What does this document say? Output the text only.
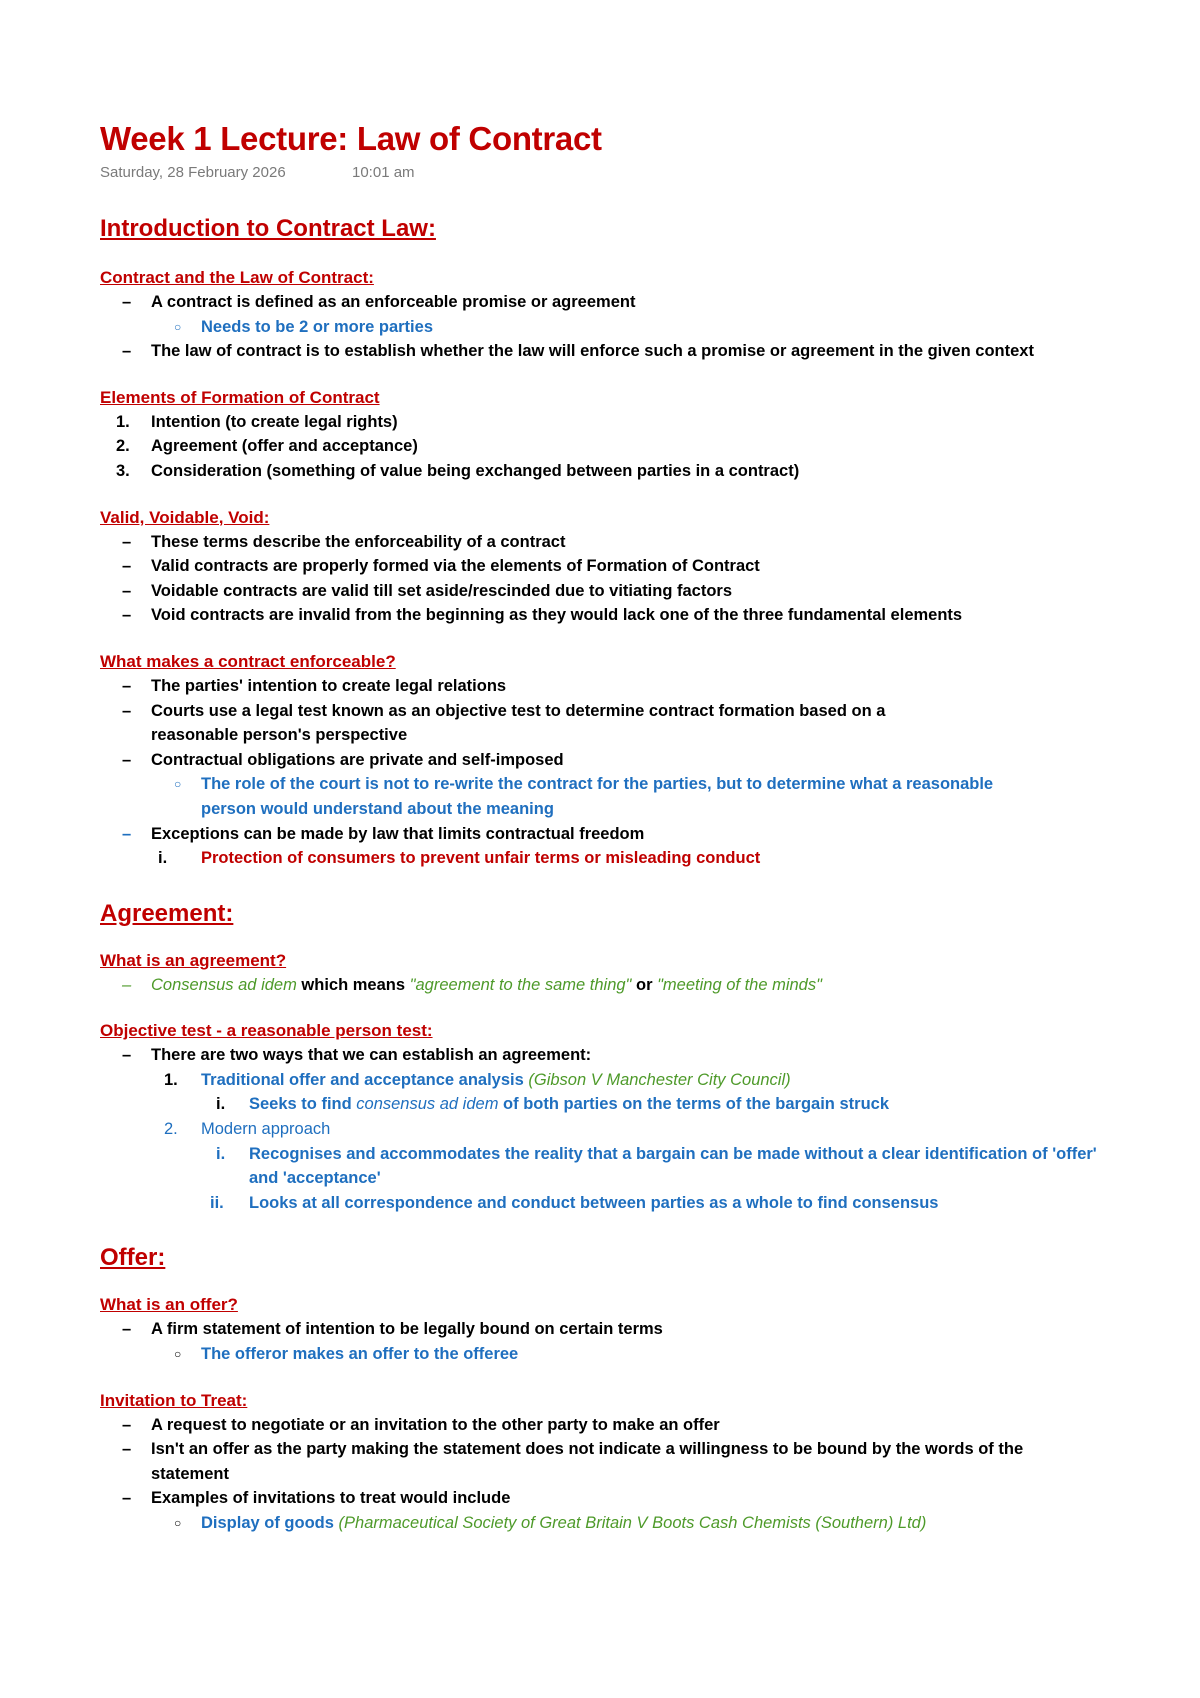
Week 1 Lecture: Law of Contract
Saturday, 28 February 2026	10:01 am
Introduction to Contract Law:
Contract and the Law of Contract:
– A contract is defined as an enforceable promise or agreement
○ Needs to be 2 or more parties
– The law of contract is to establish whether the law will enforce such a promise or agreement in the given context
Elements of Formation of Contract
1. Intention (to create legal rights)
2. Agreement (offer and acceptance)
3. Consideration (something of value being exchanged between parties in a contract)
Valid, Voidable, Void:
– These terms describe the enforceability of a contract
– Valid contracts are properly formed via the elements of Formation of Contract
– Voidable contracts are valid till set aside/rescinded due to vitiating factors
– Void contracts are invalid from the beginning as they would lack one of the three fundamental elements
What makes a contract enforceable?
– The parties' intention to create legal relations
– Courts use a legal test known as an objective test to determine contract formation based on a reasonable person's perspective
– Contractual obligations are private and self-imposed
○ The role of the court is not to re-write the contract for the parties, but to determine what a reasonable person would understand about the meaning
– Exceptions can be made by law that limits contractual freedom
i. Protection of consumers to prevent unfair terms or misleading conduct
Agreement:
What is an agreement?
– Consensus ad idem which means "agreement to the same thing" or "meeting of the minds"
Objective test - a reasonable person test:
– There are two ways that we can establish an agreement:
1. Traditional offer and acceptance analysis (Gibson V Manchester City Council)
i. Seeks to find consensus ad idem of both parties on the terms of the bargain struck
2. Modern approach
i. Recognises and accommodates the reality that a bargain can be made without a clear identification of 'offer' and 'acceptance'
ii. Looks at all correspondence and conduct between parties as a whole to find consensus
Offer:
What is an offer?
– A firm statement of intention to be legally bound on certain terms
○ The offeror makes an offer to the offeree
Invitation to Treat:
– A request to negotiate or an invitation to the other party to make an offer
– Isn't an offer as the party making the statement does not indicate a willingness to be bound by the words of the statement
– Examples of invitations to treat would include
○ Display of goods (Pharmaceutical Society of Great Britain V Boots Cash Chemists (Southern) Ltd)
